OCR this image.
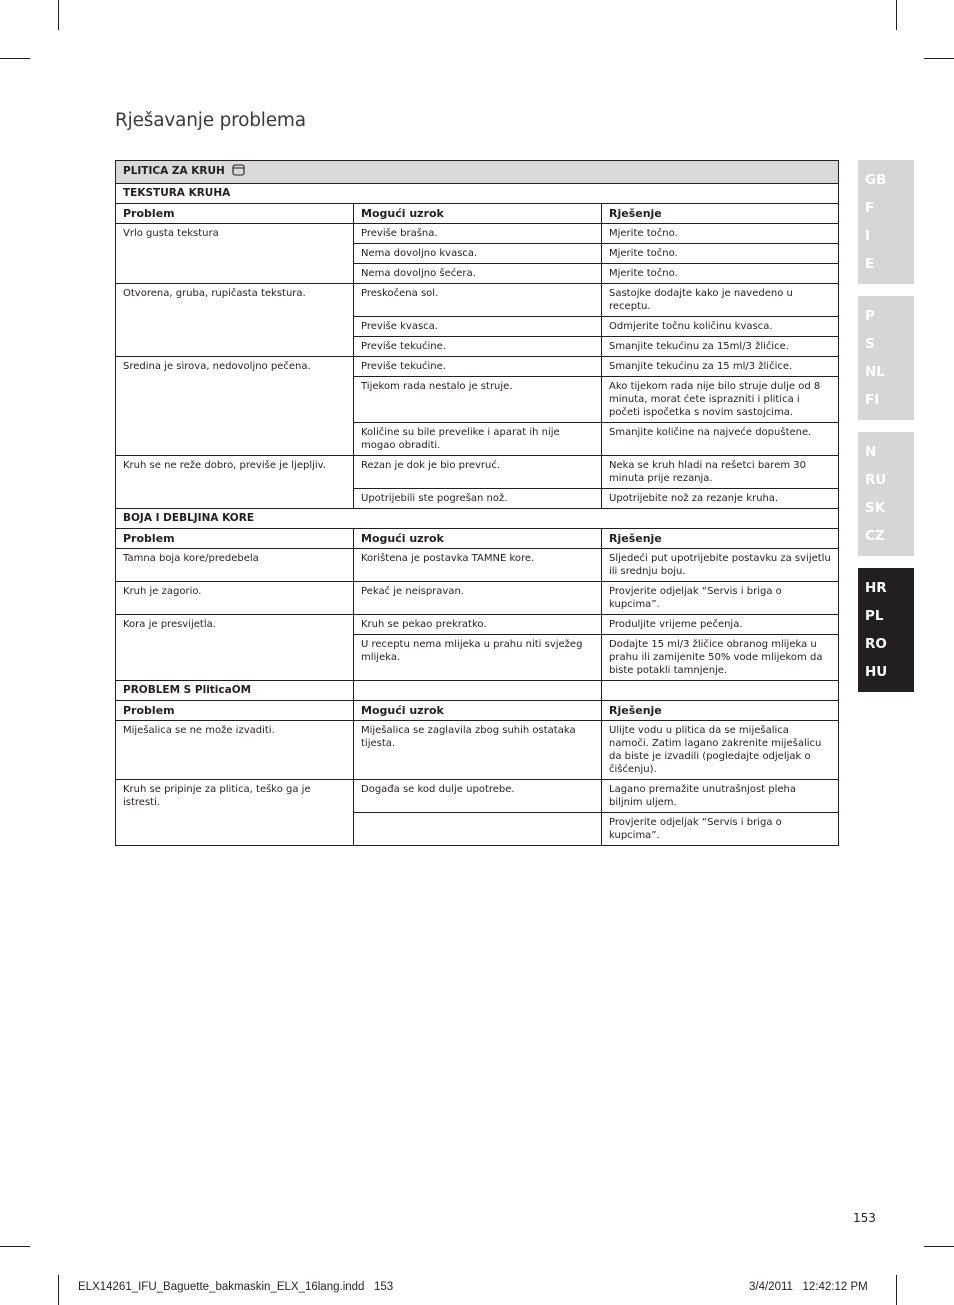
Rješavanje problema
PLITICA ZA KRUH		
TEKSTURA KRUHA		
Problem	Mogući uzrok	Rješenje
Vrlo gusta tekstura	Previše brašna.	Mjerite točno.
	Nema dovoljno kvasca.	Mjerite točno.
	Nema dovoljno šećera.	Mjerite točno.
Otvorena, gruba, rupičasta tekstura.	Preskočena sol.	Sastojke dodajte kako je navedeno u receptu.
	Previše kvasca.	Odmjerite točnu količinu kvasca.
	Previše tekućine.	Smanjite tekućinu za 15ml/3 žličice.
Sredina je sirova, nedovoljno pečena.	Previše tekućine.	Smanjite tekućinu za 15 ml/3 žličice.
	Tijekom rada nestalo je struje.	Ako tijekom rada nije bilo struje dulje od 8 minuta, morat ćete isprazniti i plitica i početi ispočetka s novim sastojcima.
	Količine su bile prevelike i aparat ih nije mogao obraditi.	Smanjite količine na najveće dopuštene.
Kruh se ne reže dobro, previše je ljepljiv.	Rezan je dok je bio prevruć.	Neka se kruh hladi na rešetci barem 30 minuta prije rezanja.
	Upotrijebili ste pogrešan nož.	Upotrijebite nož za rezanje kruha.
BOJA I DEBLJINA KORE		
Problem	Mogući uzrok	Rješenje
Tamna boja kore/predebela	Korištena je postavka TAMNE kore.	Sljedeći put upotrijebite postavku za svijetlu ili srednju boju.
Kruh je zagorio.	Pekač je neispravan.	Provjerite odjeljak “Servis i briga o kupcima”.
Kora je presvijetla.	Kruh se pekao prekratko.	Produljite vrijeme pečenja.
	U receptu nema mlijeka u prahu niti svježeg mlijeka.	Dodajte 15 ml/3 žličice obranog mlijeka u prahu ili zamijenite 50% vode mlijekom da biste potakli tamnjenje.
PROBLEM S PliticaOM		
Problem	Mogući uzrok	Rješenje
Miješalica se ne može izvaditi.	Miješalica se zaglavila zbog suhih ostataka tijesta.	Ulijte vodu u plitica da se miješalica namoči. Zatim lagano zakrenite miješalicu da biste je izvadili (pogledajte odjeljak o čišćenju).
Kruh se pripinje za plitica, teško ga je istresti.	Događa se kod dulje upotrebe.	Lagano premažite unutrašnjost pleha biljnim uljem.
		Provjerite odjeljak “Servis i briga o kupcima”.
GB
F
I
E
P
S
NL
FI
N
RU
SK
CZ
HR
PL
RO
HU
153
ELX14261_IFU_Baguette_bakmaskin_ELX_16lang.indd   153	3/4/2011   12:42:12 PM
